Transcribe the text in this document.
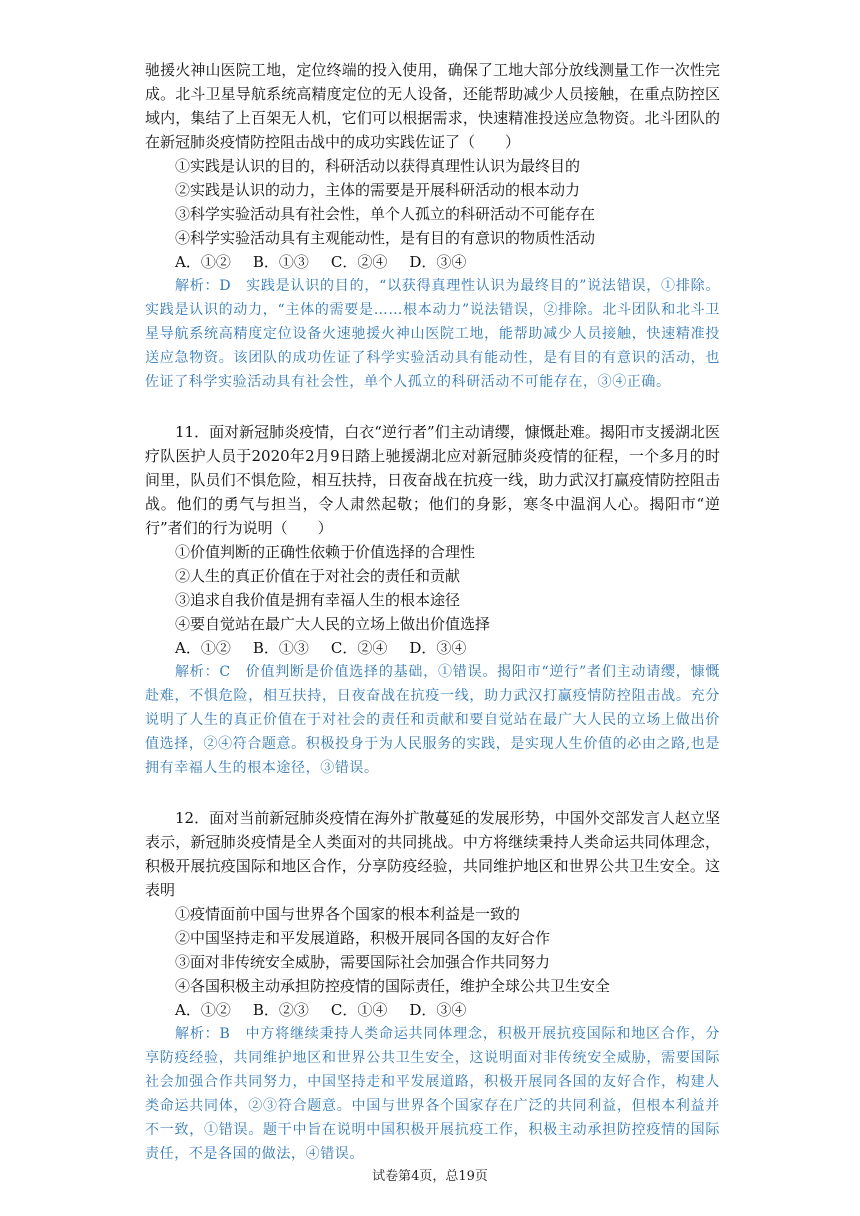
驰援火神山医院工地，定位终端的投入使用，确保了工地大部分放线测量工作一次性完成。北斗卫星导航系统高精度定位的无人设备，还能帮助减少人员接触，在重点防控区域内，集结了上百架无人机，它们可以根据需求，快速精准投送应急物资。北斗团队的在新冠肺炎疫情防控阻击战中的成功实践佐证了（　　）

①实践是认识的目的，科研活动以获得真理性认识为最终目的

②实践是认识的动力，主体的需要是开展科研活动的根本动力

③科学实验活动具有社会性，单个人孤立的科研活动不可能存在

④科学实验活动具有主观能动性，是有目的有意识的物质性活动

A．①② B．①③ C．②④ D．③④

解析：D　实践是认识的目的，“以获得真理性认识为最终目的”说法错误，①排除。实践是认识的动力，“主体的需要是……根本动力”说法错误，②排除。北斗团队和北斗卫星导航系统高精度定位设备火速驰援火神山医院工地，能帮助减少人员接触，快速精准投送应急物资。该团队的成功佐证了科学实验活动具有能动性，是有目的有意识的活动，也佐证了科学实验活动具有社会性，单个人孤立的科研活动不可能存在，③④正确。

11．面对新冠肺炎疫情，白衣“逆行者”们主动请缨，慷慨赴难。揭阳市支援湖北医疗队医护人员于2020年2月9日踏上驰援湖北应对新冠肺炎疫情的征程，一个多月的时间里，队员们不惧危险，相互扶持，日夜奋战在抗疫一线，助力武汉打赢疫情防控阻击战。他们的勇气与担当，令人肃然起敬；他们的身影，寒冬中温润人心。揭阳市“逆行”者们的行为说明（　　）

①价值判断的正确性依赖于价值选择的合理性

②人生的真正价值在于对社会的责任和贡献

③追求自我价值是拥有幸福人生的根本途径

④要自觉站在最广大人民的立场上做出价值选择

A．①② B．①③ C．②④ D．③④

解析：C　价值判断是价值选择的基础，①错误。揭阳市“逆行”者们主动请缨，慷慨赴难，不惧危险，相互扶持，日夜奋战在抗疫一线，助力武汉打赢疫情防控阻击战。充分说明了人生的真正价值在于对社会的责任和贡献和要自觉站在最广大人民的立场上做出价值选择，②④符合题意。积极投身于为人民服务的实践，是实现人生价值的必由之路,也是拥有幸福人生的根本途径，③错误。

12．面对当前新冠肺炎疫情在海外扩散蔓延的发展形势，中国外交部发言人赵立坚表示，新冠肺炎疫情是全人类面对的共同挑战。中方将继续秉持人类命运共同体理念，积极开展抗疫国际和地区合作，分享防疫经验，共同维护地区和世界公共卫生安全。这表明

①疫情面前中国与世界各个国家的根本利益是一致的

②中国坚持走和平发展道路，积极开展同各国的友好合作

③面对非传统安全威胁，需要国际社会加强合作共同努力

④各国积极主动承担防控疫情的国际责任，维护全球公共卫生安全

A．①② B．②③ C．①④ D．③④

解析：B　中方将继续秉持人类命运共同体理念，积极开展抗疫国际和地区合作，分享防疫经验，共同维护地区和世界公共卫生安全，这说明面对非传统安全威胁，需要国际社会加强合作共同努力，中国坚持走和平发展道路，积极开展同各国的友好合作，构建人类命运共同体，②③符合题意。中国与世界各个国家存在广泛的共同利益，但根本利益并不一致，①错误。题干中旨在说明中国积极开展抗疫工作，积极主动承担防控疫情的国际责任，不是各国的做法，④错误。

试卷第4页，总19页
